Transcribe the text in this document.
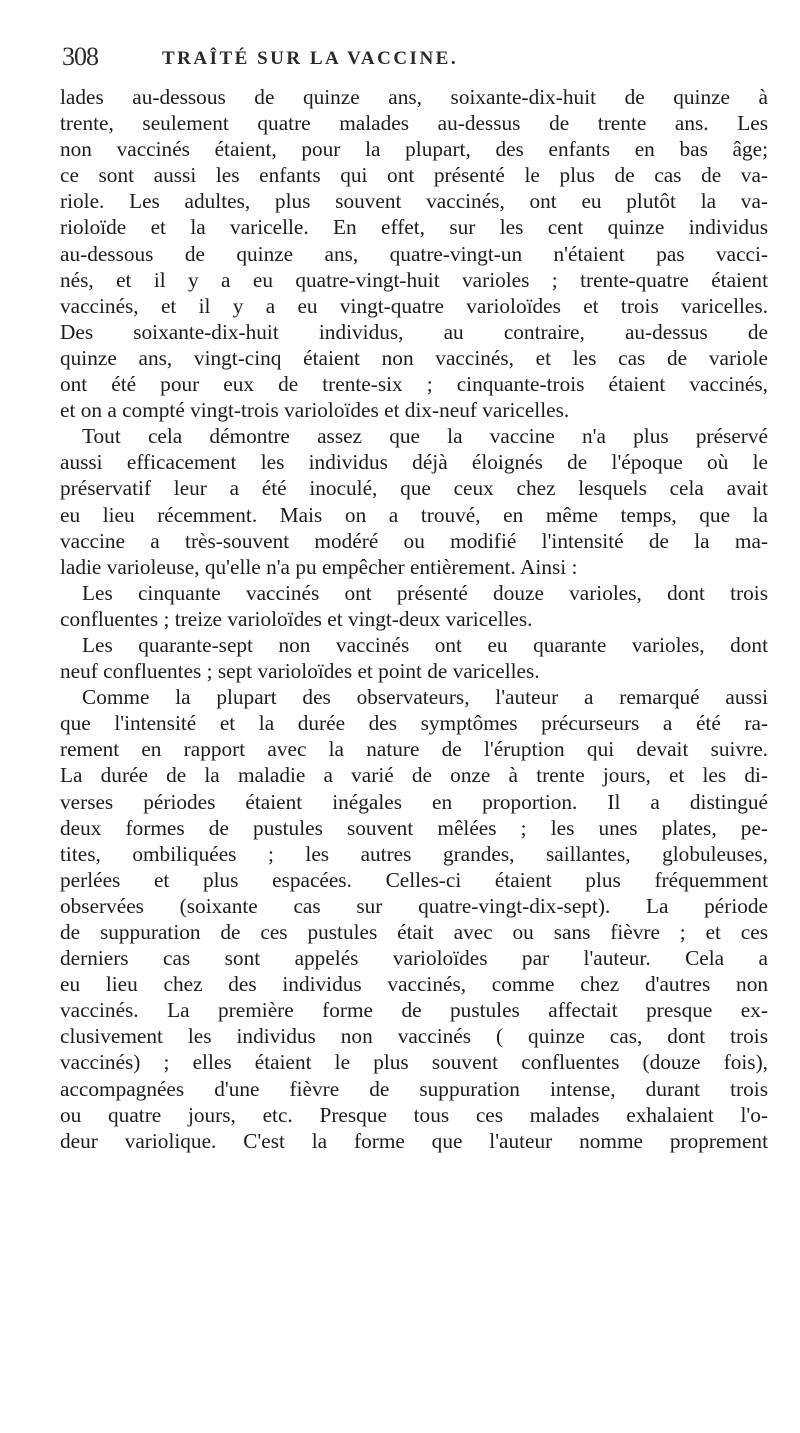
308	TRAÎTÉ SUR LA VACCINE.
lades au-dessous de quinze ans, soixante-dix-huit de quinze à
trente, seulement quatre malades au-dessus de trente ans. Les
non vaccinés étaient, pour la plupart, des enfants en bas âge;
ce sont aussi les enfants qui ont présenté le plus de cas de va-
riole. Les adultes, plus souvent vaccinés, ont eu plutôt la va-
rioloïde et la varicelle. En effet, sur les cent quinze individus
au-dessous de quinze ans, quatre-vingt-un n'étaient pas vacci-
nés, et il y a eu quatre-vingt-huit varioles ; trente-quatre étaient
vaccinés, et il y a eu vingt-quatre varioloïdes et trois varicelles.
Des soixante-dix-huit individus, au contraire, au-dessus de
quinze ans, vingt-cinq étaient non vaccinés, et les cas de variole
ont été pour eux de trente-six ; cinquante-trois étaient vaccinés,
et on a compté vingt-trois varioloïdes et dix-neuf varicelles.
Tout cela démontre assez que la vaccine n'a plus préservé
aussi efficacement les individus déjà éloignés de l'époque où le
préservatif leur a été inoculé, que ceux chez lesquels cela avait
eu lieu récemment. Mais on a trouvé, en même temps, que la
vaccine a très-souvent modéré ou modifié l'intensité de la ma-
ladie varioleuse, qu'elle n'a pu empêcher entièrement. Ainsi :
Les cinquante vaccinés ont présenté douze varioles, dont trois
confluentes ; treize varioloïdes et vingt-deux varicelles.
Les quarante-sept non vaccinés ont eu quarante varioles, dont
neuf confluentes ; sept varioloïdes et point de varicelles.
Comme la plupart des observateurs, l'auteur a remarqué aussi
que l'intensité et la durée des symptômes précurseurs a été ra-
rement en rapport avec la nature de l'éruption qui devait suivre.
La durée de la maladie a varié de onze à trente jours, et les di-
verses périodes étaient inégales en proportion. Il a distingué
deux formes de pustules souvent mêlées ; les unes plates, pe-
tites, ombiliquées ; les autres grandes, saillantes, globuleuses,
perlées et plus espacées. Celles-ci étaient plus fréquemment
observées (soixante cas sur quatre-vingt-dix-sept). La période
de suppuration de ces pustules était avec ou sans fièvre ; et ces
derniers cas sont appelés varioloïdes par l'auteur. Cela a
eu lieu chez des individus vaccinés, comme chez d'autres non
vaccinés. La première forme de pustules affectait presque ex-
clusivement les individus non vaccinés ( quinze cas, dont trois
vaccinés) ; elles étaient le plus souvent confluentes (douze fois),
accompagnées d'une fièvre de suppuration intense, durant trois
ou quatre jours, etc. Presque tous ces malades exhalaient l'o-
deur variolique. C'est la forme que l'auteur nomme proprement
